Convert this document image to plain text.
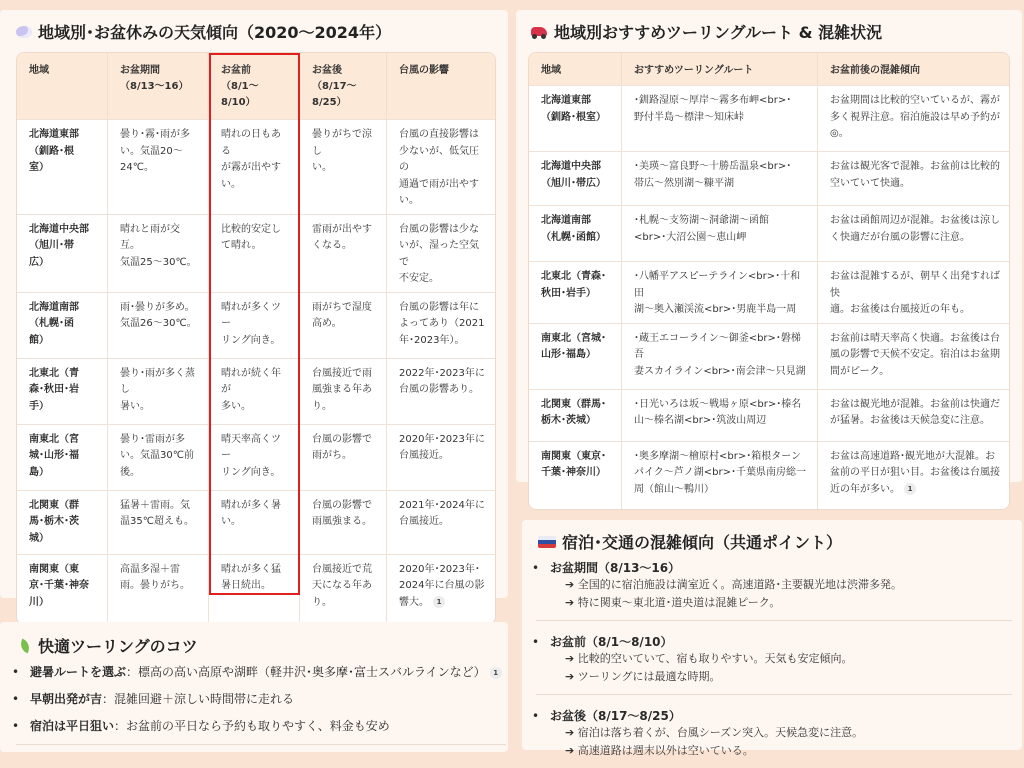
地域別･お盆休みの天気傾向（2020～2024年）
地域	お盆期間
（8/13～16）	お盆前
（8/1～
8/10）	お盆後
（8/17～
8/25）	台風の影響
北海道東部
（釧路･根
室）	曇り･霧･雨が多
い。気温20～
24℃。	晴れの日もある
が霧が出やす
い。	曇りがちで涼し
い。	台風の直接影響は
少ないが、低気圧の
通過で雨が出やす
い。
北海道中央部
（旭川･帯
広）	晴れと雨が交互。
気温25～30℃。	比較的安定し
て晴れ。	雷雨が出やす
くなる。	台風の影響は少な
いが、湿った空気で
不安定。
北海道南部
（札幌･函
館）	雨･曇りが多め。
気温26～30℃。	晴れが多くツー
リング向き。	雨がちで湿度
高め。	台風の影響は年に
よってあり（2021
年･2023年）。
北東北（青
森･秋田･岩
手）	曇り･雨が多く蒸し
暑い。	晴れが続く年が
多い。	台風接近で雨
風強まる年あ
り。	2022年･2023年に
台風の影響あり。
南東北（宮
城･山形･福
島）	曇り･雷雨が多
い。気温30℃前
後。	晴天率高くツー
リング向き。	台風の影響で
雨がち。	2020年･2023年に
台風接近。
北関東（群
馬･栃木･茨
城）	猛暑＋雷雨。気
温35℃超えも。	晴れが多く暑
い。	台風の影響で
雨風強まる。	2021年･2024年に
台風接近。
南関東（東
京･千葉･神奈
川）	高温多湿＋雷
雨。曇りがち。	晴れが多く猛
暑日続出。	台風接近で荒
天になる年あ
り。	2020年･2023年･
2024年に台風の影
響大。 1
地域別おすすめツーリングルート & 混雑状況
地域	おすすめツーリングルート	お盆前後の混雑傾向
北海道東部
（釧路･根室）	･釧路湿原～厚岸～霧多布岬<br>･
野付半島～標津～知床峠	お盆期間は比較的空いているが、霧が
多く視界注意。宿泊施設は早め予約が
◎。
北海道中央部
（旭川･帯広）	･美瑛～富良野～十勝岳温泉<br>･
帯広～然別湖～糠平湖	お盆は観光客で混雑。お盆前は比較的
空いていて快適。
北海道南部
（札幌･函館）	･札幌～支笏湖～洞爺湖～函館
<br>･大沼公園～恵山岬	お盆は函館周辺が混雑。お盆後は涼し
く快適だが台風の影響に注意。
北東北（青森･
秋田･岩手）	･八幡平アスピーテライン<br>･十和田
湖～奥入瀬渓流<br>･男鹿半島一周	お盆は混雑するが、朝早く出発すれば快
適。お盆後は台風接近の年も。
南東北（宮城･
山形･福島）	･蔵王エコーライン～御釜<br>･磐梯吾
妻スカイライン<br>･南会津～只見湖	お盆前は晴天率高く快適。お盆後は台
風の影響で天候不安定。宿泊はお盆期
間がピーク。
北関東（群馬･
栃木･茨城）	･日光いろは坂～戦場ヶ原<br>･榛名
山～榛名湖<br>･筑波山周辺	お盆は観光地が混雑。お盆前は快適だ
が猛暑。お盆後は天候急変に注意。
南関東（東京･
千葉･神奈川）	･奥多摩湖～檜原村<br>･箱根ターン
パイク～芦ノ湖<br>･千葉県南房総一
周（館山～鴨川）	お盆は高速道路･観光地が大混雑。お
盆前の平日が狙い目。お盆後は台風接
近の年が多い。 1
快適ツーリングのコツ
• 避暑ルートを選ぶ：標高の高い高原や湖畔（軽井沢･奥多摩･富士スバルラインなど） 1
• 早朝出発が吉：混雑回避＋涼しい時間帯に走れる
• 宿泊は平日狙い：お盆前の平日なら予約も取りやすく、料金も安め
宿泊･交通の混雑傾向（共通ポイント）
• お盆期間（8/13～16）
➔ 全国的に宿泊施設は満室近く。高速道路･主要観光地は渋滞多発。
➔ 特に関東～東北道･道央道は混雑ピーク。
• お盆前（8/1～8/10）
➔ 比較的空いていて、宿も取りやすい。天気も安定傾向。
➔ ツーリングには最適な時期。
• お盆後（8/17～8/25）
➔ 宿泊は落ち着くが、台風シーズン突入。天候急変に注意。
➔ 高速道路は週末以外は空いている。
